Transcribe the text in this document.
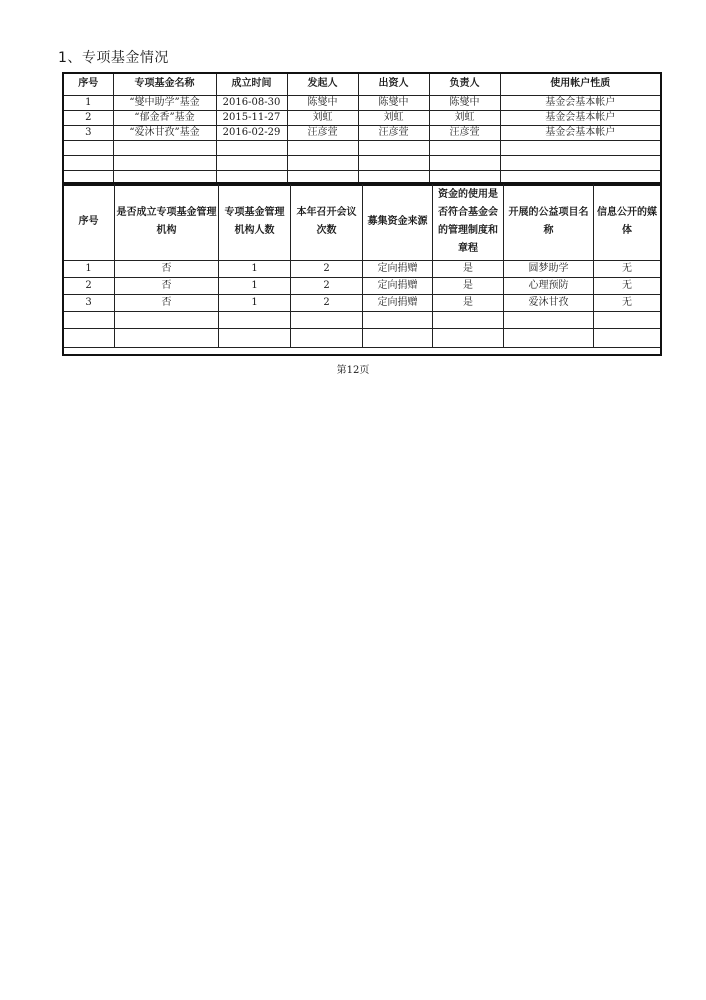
1、专项基金情况
序号	专项基金名称	成立时间	发起人	出资人	负责人	使用帐户性质
1	“燮中助学”基金	2016-08-30	陈燮中	陈燮中	陈燮中	基金会基本帐户
2	“郁金香”基金	2015-11-27	刘虹	刘虹	刘虹	基金会基本帐户
3	“爱沐甘孜”基金	2016-02-29	汪彦萱	汪彦萱	汪彦萱	基金会基本帐户

序号	是否成立专项基金管理机构	专项基金管理机构人数	本年召开会议次数	募集资金来源	资金的使用是否符合基金会的管理制度和章程	开展的公益项目名称	信息公开的媒体
1	否	1	2	定向捐赠	是	圆梦助学	无
2	否	1	2	定向捐赠	是	心理预防	无
3	否	1	2	定向捐赠	是	爱沐甘孜	无

第12页
